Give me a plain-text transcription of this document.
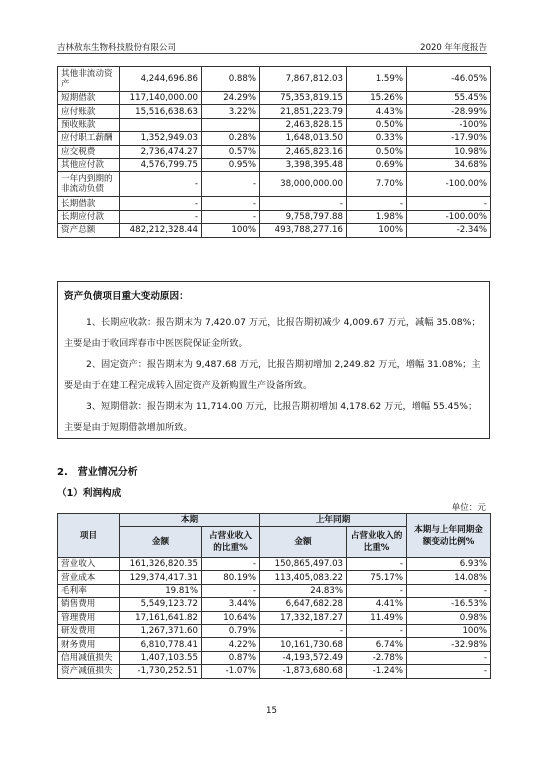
吉林敖东生物科技股份有限公司	2020 年年度报告
其他非流动资产	4,244,696.86	0.88%	7,867,812.03	1.59%	-46.05%
短期借款	117,140,000.00	24.29%	75,353,819.15	15.26%	55.45%
应付账款	15,516,638.63	3.22%	21,851,223.79	4.43%	-28.99%
预收账款			2,463,828.15	0.50%	-100%
应付职工薪酬	1,352,949.03	0.28%	1,648,013.50	0.33%	-17.90%
应交税费	2,736,474.27	0.57%	2,465,823.16	0.50%	10.98%
其他应付款	4,576,799.75	0.95%	3,398,395.48	0.69%	34.68%
一年内到期的非流动负债	-	-	38,000,000.00	7.70%	-100.00%
长期借款	-	-	-	-	-
长期应付款	-	-	9,758,797.88	1.98%	-100.00%
资产总额	482,212,328.44	100%	493,788,277.16	100%	-2.34%
资产负债项目重大变动原因：
1、长期应收款：报告期末为 7,420.07 万元，比报告期初减少 4,009.67 万元，减幅 35.08%；主要是由于收回珲春市中医医院保证金所致。
2、固定资产：报告期末为 9,487.68 万元，比报告期初增加 2,249.82 万元，增幅 31.08%；主要是由于在建工程完成转入固定资产及新购置生产设备所致。
3、短期借款：报告期末为 11,714.00 万元，比报告期初增加 4,178.62 万元，增幅 55.45%；主要是由于短期借款增加所致。
2.　营业情况分析
（1）利润构成
单位：元
项目	本期		上年同期		本期与上年同期金额变动比例%
	金额	占营业收入的比重%	金额	占营业收入的比重%	
营业收入	161,326,820.35	-	150,865,497.03	-	6.93%
营业成本	129,374,417.31	80.19%	113,405,083.22	75.17%	14.08%
毛利率	19.81%	-	24.83%	-	-
销售费用	5,549,123.72	3.44%	6,647,682.28	4.41%	-16.53%
管理费用	17,161,641.82	10.64%	17,332,187.27	11.49%	0.98%
研发费用	1,267,371.60	0.79%	-	-	100%
财务费用	6,810,778.41	4.22%	10,161,730.68	6.74%	-32.98%
信用减值损失	1,407,103.55	0.87%	-4,193,572.49	-2.78%	-
资产减值损失	-1,730,252.51	-1.07%	-1,873,680.68	-1.24%	-
15
